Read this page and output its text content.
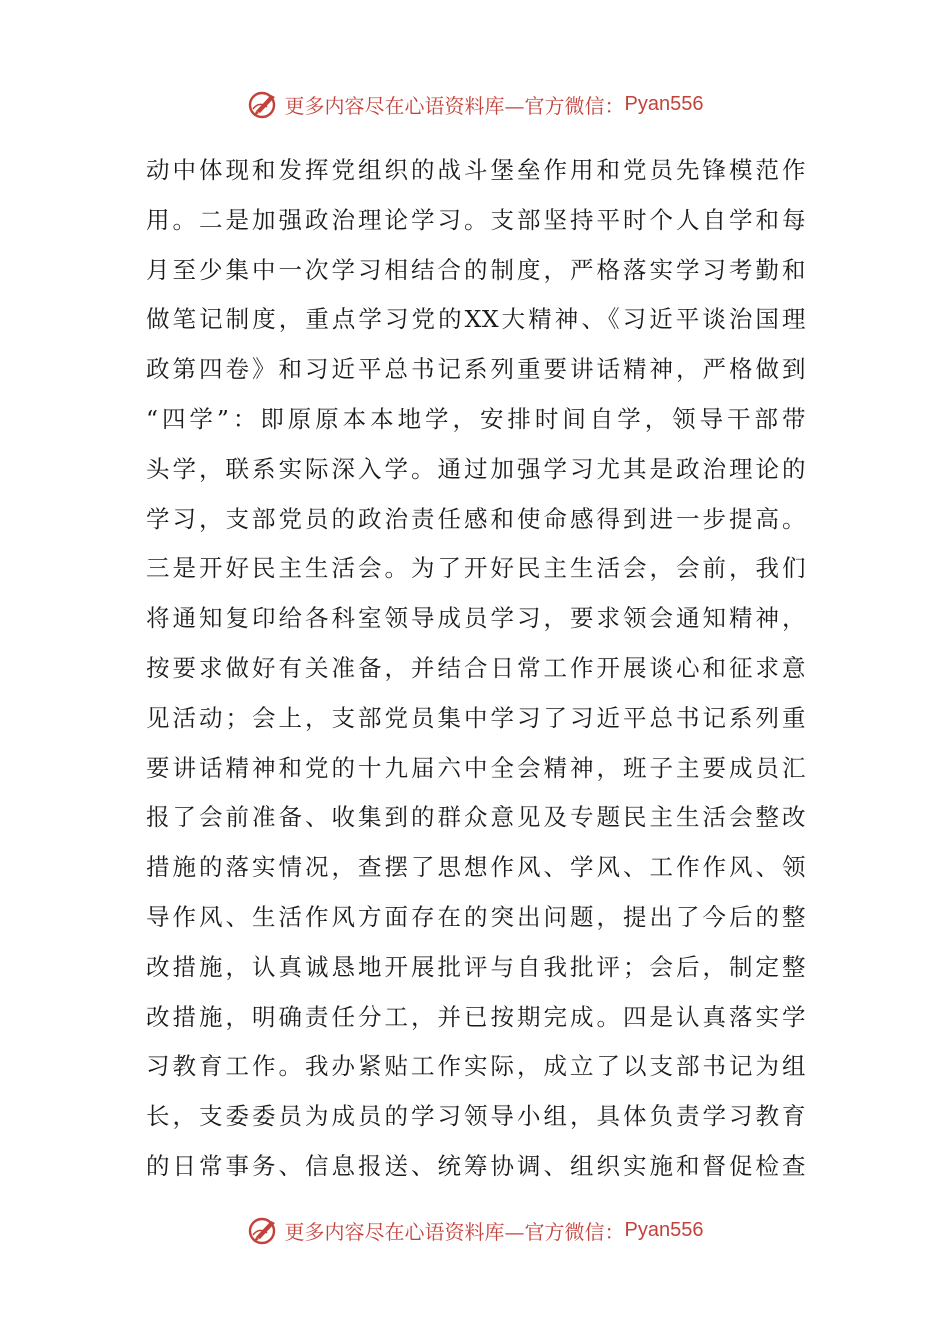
更多内容尽在心语资料库—官方微信： Pyan556
动中体现和发挥党组织的战斗堡垒作用和党员先锋模范作
用。二是加强政治理论学习。支部坚持平时个人自学和每
月至少集中一次学习相结合的制度，严格落实学习考勤和
做笔记制度，重点学习党的XX大精神、《习近平谈治国理
政第四卷》和习近平总书记系列重要讲话精神，严格做到
“四学”：即原原本本地学，安排时间自学，领导干部带
头学，联系实际深入学。通过加强学习尤其是政治理论的
学习，支部党员的政治责任感和使命感得到进一步提高。
三是开好民主生活会。为了开好民主生活会，会前，我们
将通知复印给各科室领导成员学习，要求领会通知精神，
按要求做好有关准备，并结合日常工作开展谈心和征求意
见活动；会上，支部党员集中学习了习近平总书记系列重
要讲话精神和党的十九届六中全会精神，班子主要成员汇
报了会前准备、收集到的群众意见及专题民主生活会整改
措施的落实情况，查摆了思想作风、学风、工作作风、领
导作风、生活作风方面存在的突出问题，提出了今后的整
改措施，认真诚恳地开展批评与自我批评；会后，制定整
改措施，明确责任分工，并已按期完成。四是认真落实学
习教育工作。我办紧贴工作实际，成立了以支部书记为组
长，支委委员为成员的学习领导小组，具体负责学习教育
的日常事务、信息报送、统筹协调、组织实施和督促检查
更多内容尽在心语资料库—官方微信： Pyan556
